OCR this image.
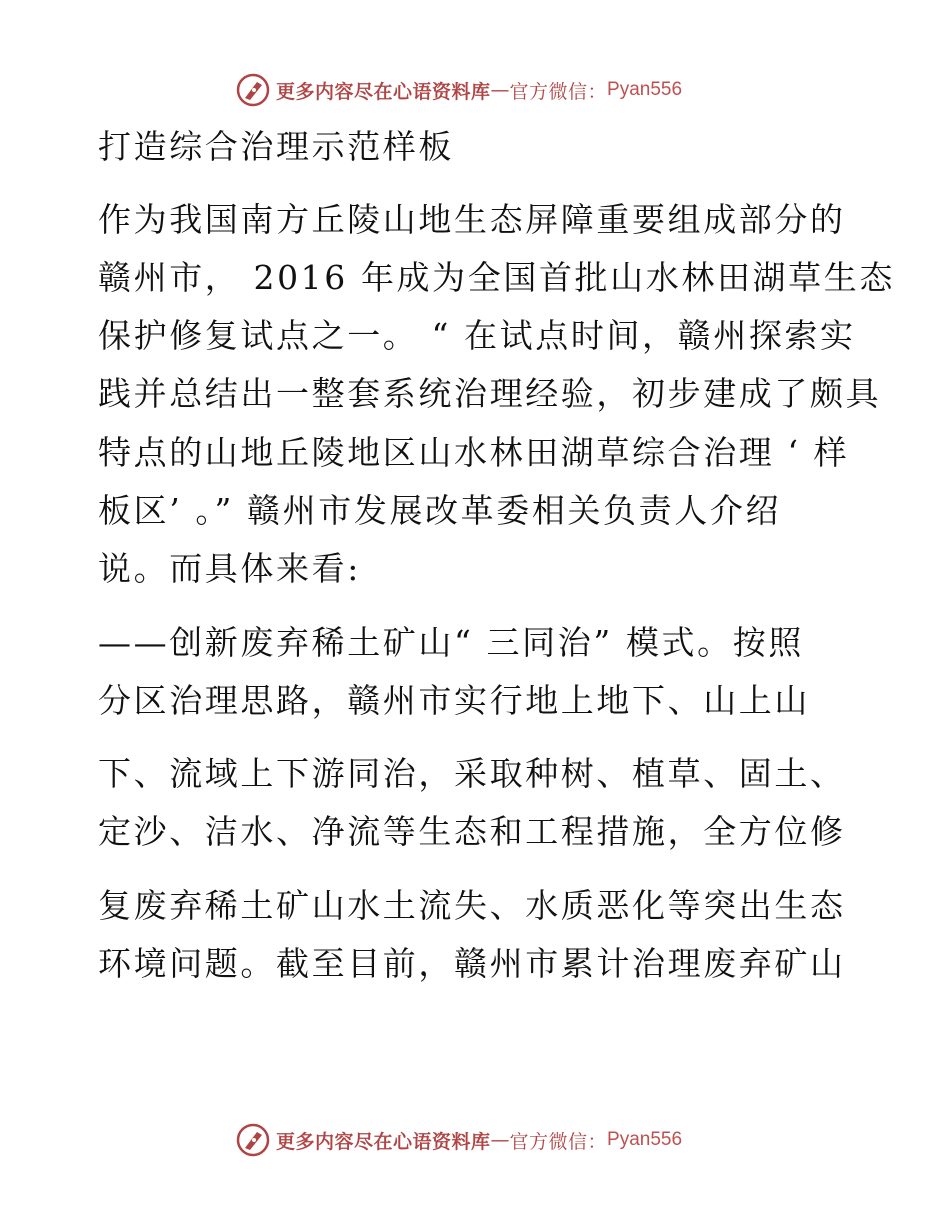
更多内容尽在心语资料库 — 官方微信： Pyan556
打造综合治理示范样板
作为我国南方丘陵山地生态屏障重要组成部分的
赣州市， 2016 年成为全国首批山水林田湖草生态
保护修复试点之一。 “ 在试点时间，赣州探索实
践并总结出一整套系统治理经验，初步建成了颇具
特点的山地丘陵地区山水林田湖草综合治理 ‘ 样
板区’ 。” 赣州市发展改革委相关负责人介绍
说。而具体来看:
——创新废弃稀土矿山“ 三同治” 模式。按照
分区治理思路，赣州市实行地上地下、山上山
下、流域上下游同治，采取种树、植草、固土、
定沙、洁水、净流等生态和工程措施，全方位修
复废弃稀土矿山水土流失、水质恶化等突出生态
环境问题。截至目前，赣州市累计治理废弃矿山
更多内容尽在心语资料库 — 官方微信： Pyan556
